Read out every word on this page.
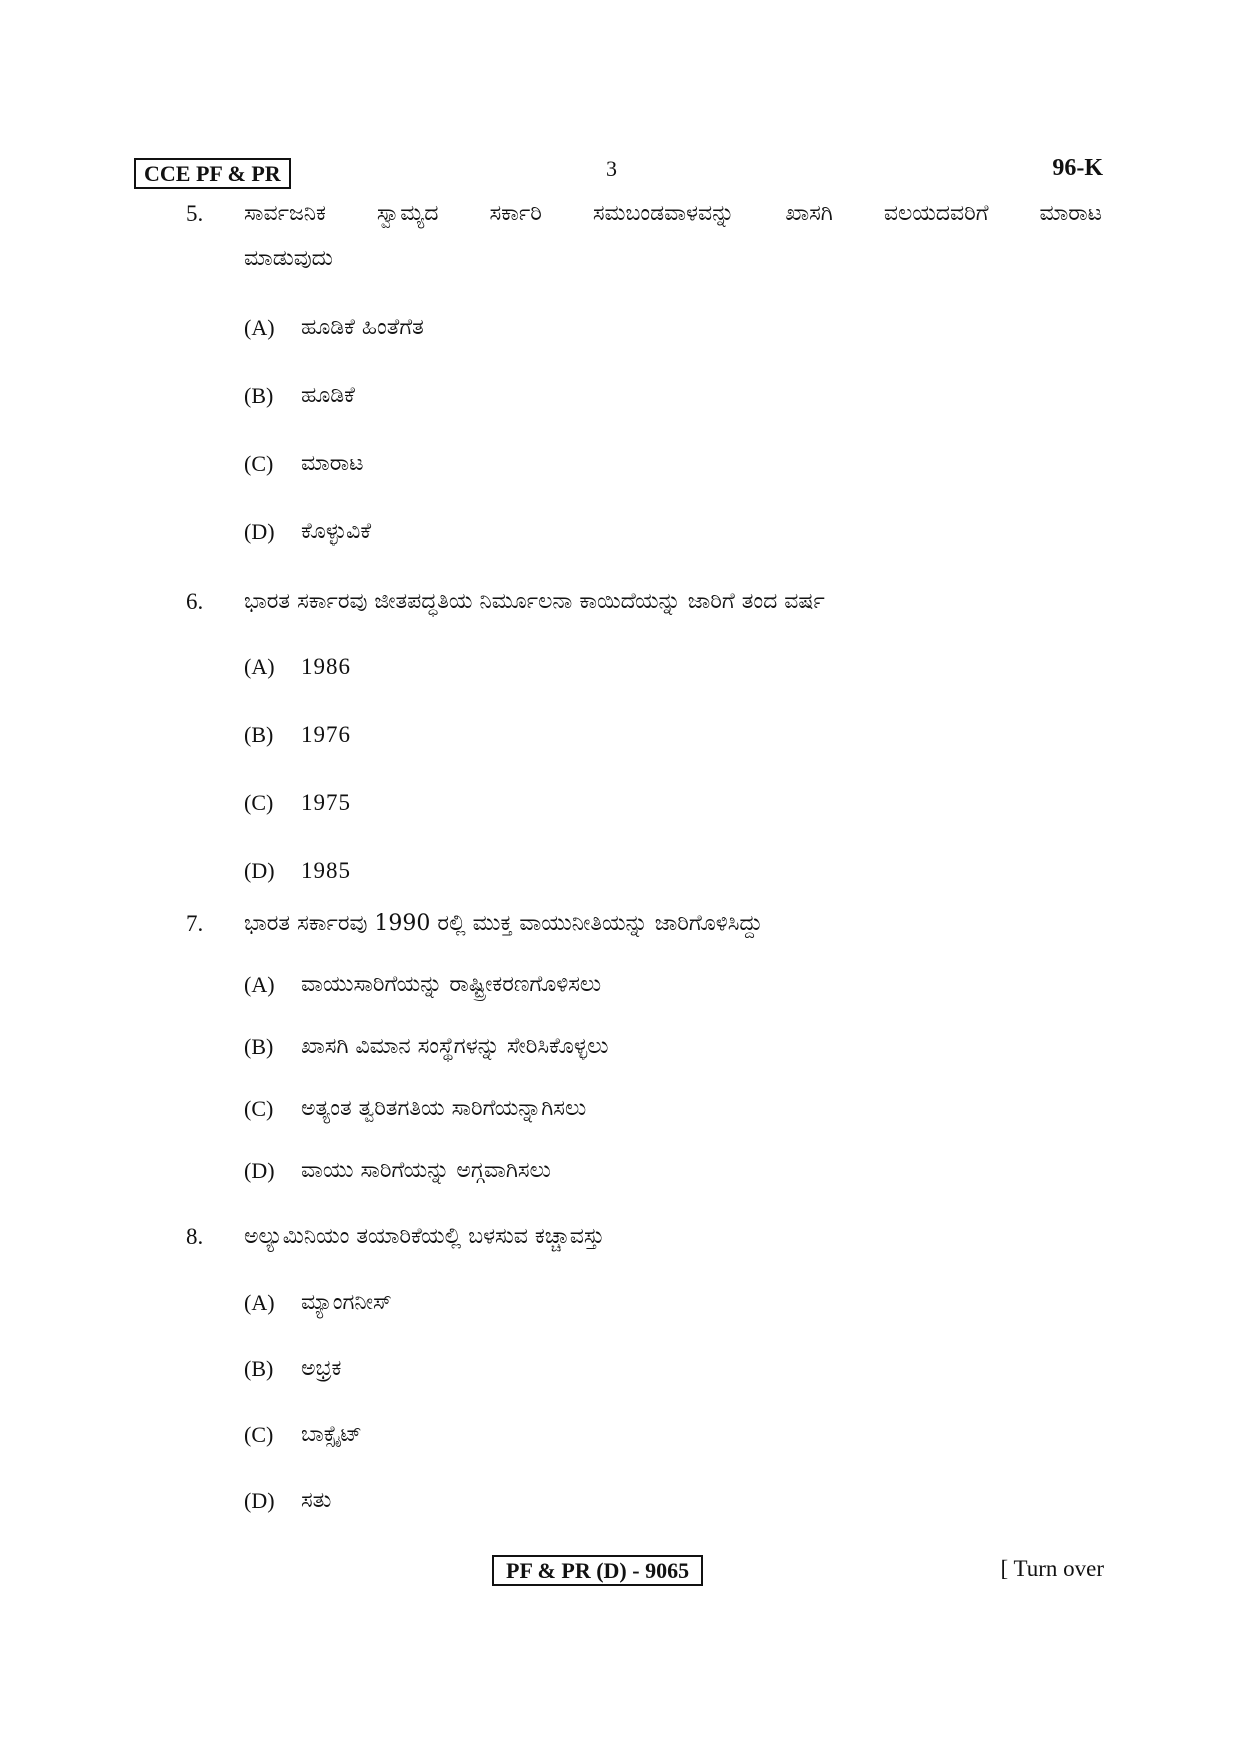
CCE PF & PR	3	96-K
5. ಸಾರ್ವಜನಿಕ ಸ್ವಾಮ್ಯದ ಸರ್ಕಾರಿ ಸಮಬಂಡವಾಳವನ್ನು ಖಾಸಗಿ ವಲಯದವರಿಗೆ ಮಾರಾಟ
ಮಾಡುವುದು
(A) ಹೂಡಿಕೆ ಹಿಂತೆಗೆತ
(B) ಹೂಡಿಕೆ
(C) ಮಾರಾಟ
(D) ಕೊಳ್ಳುವಿಕೆ
6. ಭಾರತ ಸರ್ಕಾರವು ಜೀತಪದ್ಧತಿಯ ನಿರ್ಮೂಲನಾ ಕಾಯಿದೆಯನ್ನು ಜಾರಿಗೆ ತಂದ ವರ್ಷ
(A) 1986
(B) 1976
(C) 1975
(D) 1985
7. ಭಾರತ ಸರ್ಕಾರವು 1990 ರಲ್ಲಿ ಮುಕ್ತ ವಾಯುನೀತಿಯನ್ನು ಜಾರಿಗೊಳಿಸಿದ್ದು
(A) ವಾಯುಸಾರಿಗೆಯನ್ನು ರಾಷ್ಟ್ರೀಕರಣಗೊಳಿಸಲು
(B) ಖಾಸಗಿ ವಿಮಾನ ಸಂಸ್ಥೆಗಳನ್ನು ಸೇರಿಸಿಕೊಳ್ಳಲು
(C) ಅತ್ಯಂತ ತ್ವರಿತಗತಿಯ ಸಾರಿಗೆಯನ್ನಾಗಿಸಲು
(D) ವಾಯು ಸಾರಿಗೆಯನ್ನು ಅಗ್ಗವಾಗಿಸಲು
8. ಅಲ್ಯುಮಿನಿಯಂ ತಯಾರಿಕೆಯಲ್ಲಿ ಬಳಸುವ ಕಚ್ಚಾವಸ್ತು
(A) ಮ್ಯಾಂಗನೀಸ್
(B) ಅಭ್ರಕ
(C) ಬಾಕ್ಸೈಟ್
(D) ಸತು
PF & PR (D) - 9065	[ Turn over
